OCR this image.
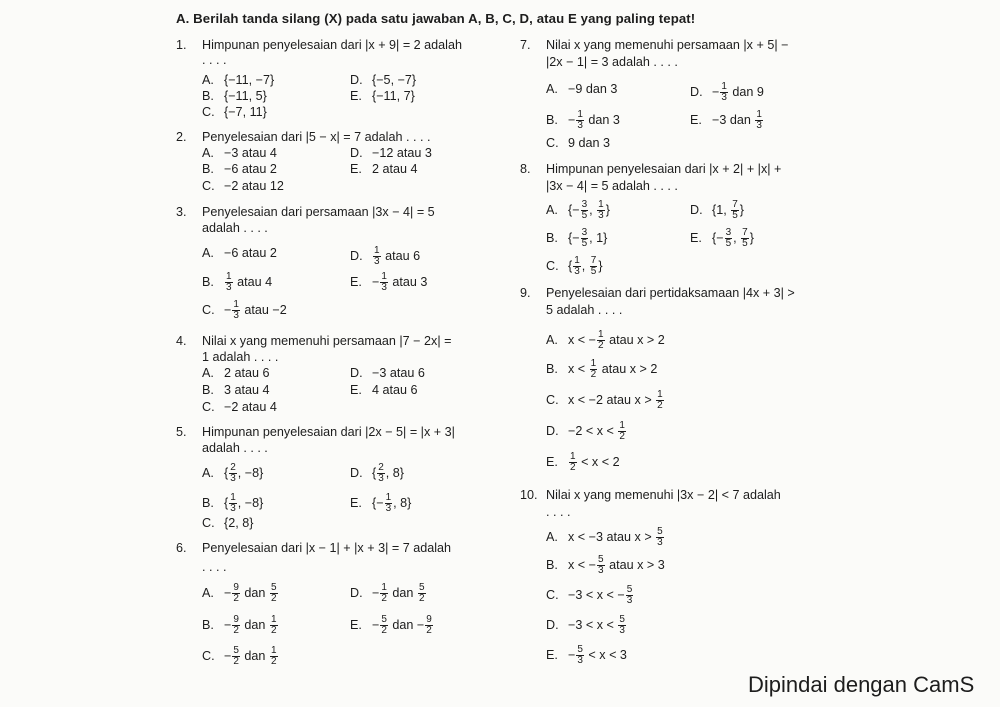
A. Berilah tanda silang (X) pada satu jawaban A, B, C, D, atau E yang paling tepat!
1. Himpunan penyelesaian dari |x + 9| = 2 adalah
. . . .
A. {−11, −7}
B. {−11, 5}
C. {−7, 11}
D. {−5, −7}
E. {−11, 7}
2. Penyelesaian dari |5 − x| = 7 adalah . . . .
A. −3 atau 4
B. −6 atau 2
C. −2 atau 12
D. −12 atau 3
E. 2 atau 4
3. Penyelesaian dari persamaan |3x − 4| = 5
adalah . . . .
A. −6 atau 2
B. $\frac{1}{3}$ atau 4
C. − $\frac{1}{3}$ atau −2
D. $\frac{1}{3}$ atau 6
E. − $\frac{1}{3}$ atau 3
4. Nilai x yang memenuhi persamaan |7 − 2x| =
1 adalah . . . .
A. 2 atau 6
B. 3 atau 4
C. −2 atau 4
D. −3 atau 6
E. 4 atau 6
5. Himpunan penyelesaian dari |2x − 5| = |x + 3|
adalah . . . .
A. { $\frac{2}{3}$ , −8}
B. { $\frac{1}{3}$ , −8}
C. {2, 8}
D. { $\frac{2}{3}$ , 8}
E. {− $\frac{1}{3}$ , 8}
6. Penyelesaian dari |x − 1| + |x + 3| = 7 adalah
. . . .
A. − $\frac{9}{2}$ dan $\frac{5}{2}$
B. − $\frac{9}{2}$ dan $\frac{1}{2}$
C. − $\frac{5}{2}$ dan $\frac{1}{2}$
D. − $\frac{1}{2}$ dan $\frac{5}{2}$
E. − $\frac{5}{2}$ dan − $\frac{9}{2}$
7. Nilai x yang memenuhi persamaan |x + 5| −
|2x − 1| = 3 adalah . . . .
A. −9 dan 3
B. − $\frac{1}{3}$ dan 3
C. 9 dan 3
D. − $\frac{1}{3}$ dan 9
E. −3 dan $\frac{1}{3}$
8. Himpunan penyelesaian dari |x + 2| + |x| +
|3x − 4| = 5 adalah . . . .
A. {− $\frac{3}{5}$ , $\frac{1}{3}$ }
B. {− $\frac{3}{5}$ , 1}
C. { $\frac{1}{3}$ , $\frac{7}{5}$ }
D. {1, $\frac{7}{5}$ }
E. {− $\frac{3}{5}$ , $\frac{7}{5}$ }
9. Penyelesaian dari pertidaksamaan |4x + 3| >
5 adalah . . . .
A. x < − $\frac{1}{2}$ atau x > 2
B. $x < \frac{1}{2}$ atau x > 2
C. x < −2 atau $x > \frac{1}{2}$
D. $-2 < x < \frac{1}{2}$
E. $\frac{1}{2} < x < 2$
10. Nilai x yang memenuhi |3x − 2| < 7 adalah
. . . .
A. x < −3 atau $x > \frac{5}{3}$
B. x < − $\frac{5}{3}$ atau x > 3
C. −3 < x < − $\frac{5}{3}$
D. $-3 < x < \frac{5}{3}$
E. − $\frac{5}{3} < x < 3$
Dipindai dengan CamS
